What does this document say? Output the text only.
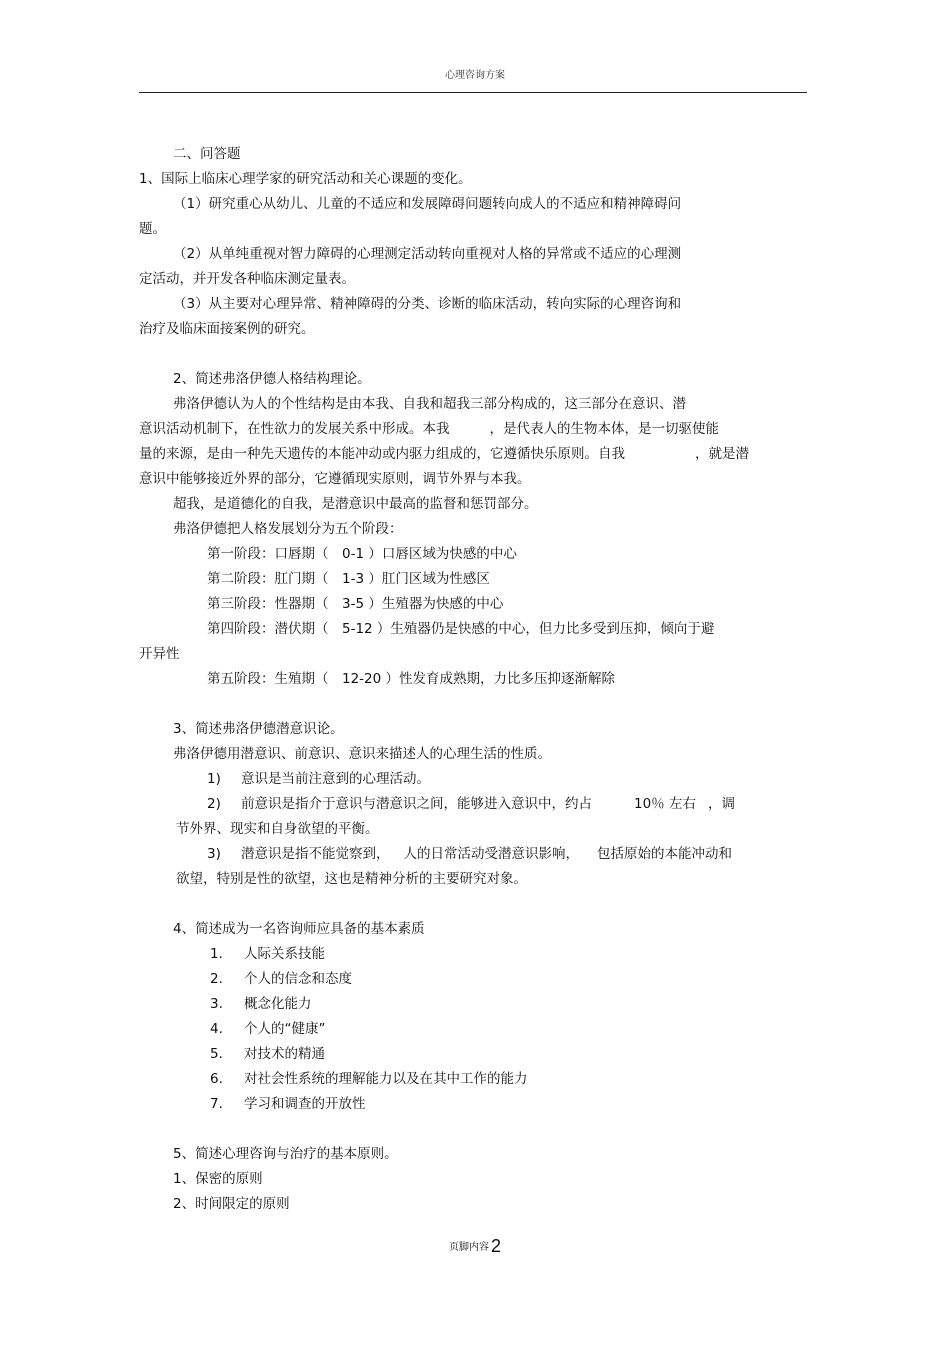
心理咨询方案
二、问答题
1、国际上临床心理学家的研究活动和关心课题的变化。
（1）研究重心从幼儿、儿童的不适应和发展障碍问题转向成人的不适应和精神障碍问
题。
（2）从单纯重视对智力障碍的心理测定活动转向重视对人格的异常或不适应的心理测
定活动，并开发各种临床测定量表。
（3）从主要对心理异常、精神障碍的分类、诊断的临床活动，转向实际的心理咨询和
治疗及临床面接案例的研究。
2、简述弗洛伊德人格结构理论。
弗洛伊德认为人的个性结构是由本我、自我和超我三部分构成的，这三部分在意识、潜
意识活动机制下，在性欲力的发展关系中形成。本我	，是代表人的生物本体，是一切驱使能
量的来源，是由一种先天遗传的本能冲动或内驱力组成的，它遵循快乐原则。自我	，就是潜
意识中能够接近外界的部分，它遵循现实原则，调节外界与本我。
超我，是道德化的自我，是潜意识中最高的监督和惩罚部分。
弗洛伊德把人格发展划分为五个阶段：
第一阶段：口唇期（　0-1 ）口唇区域为快感的中心
第二阶段：肛门期（　1-3 ）肛门区域为性感区
第三阶段：性器期（　3-5 ）生殖器为快感的中心
第四阶段：潜伏期（　5-12 ）生殖器仍是快感的中心，但力比多受到压抑，倾向于避
开异性
第五阶段：生殖期（　12-20 ）性发育成熟期，力比多压抑逐渐解除
3、简述弗洛伊德潜意识论。
弗洛伊德用潜意识、前意识、意识来描述人的心理生活的性质。
1) 意识是当前注意到的心理活动。
2) 前意识是指介于意识与潜意识之间，能够进入意识中，约占	10％ 左右 ，调
节外界、现实和自身欲望的平衡。
3) 潜意识是指不能觉察到， 人的日常活动受潜意识影响， 包括原始的本能冲动和
欲望，特别是性的欲望，这也是精神分析的主要研究对象。
4、简述成为一名咨询师应具备的基本素质
1. 人际关系技能
2. 个人的信念和态度
3. 概念化能力
4. 个人的“健康”
5. 对技术的精通
6. 对社会性系统的理解能力以及在其中工作的能力
7. 学习和调查的开放性
5、简述心理咨询与治疗的基本原则。
1、保密的原则
2、时间限定的原则
页脚内容 2
